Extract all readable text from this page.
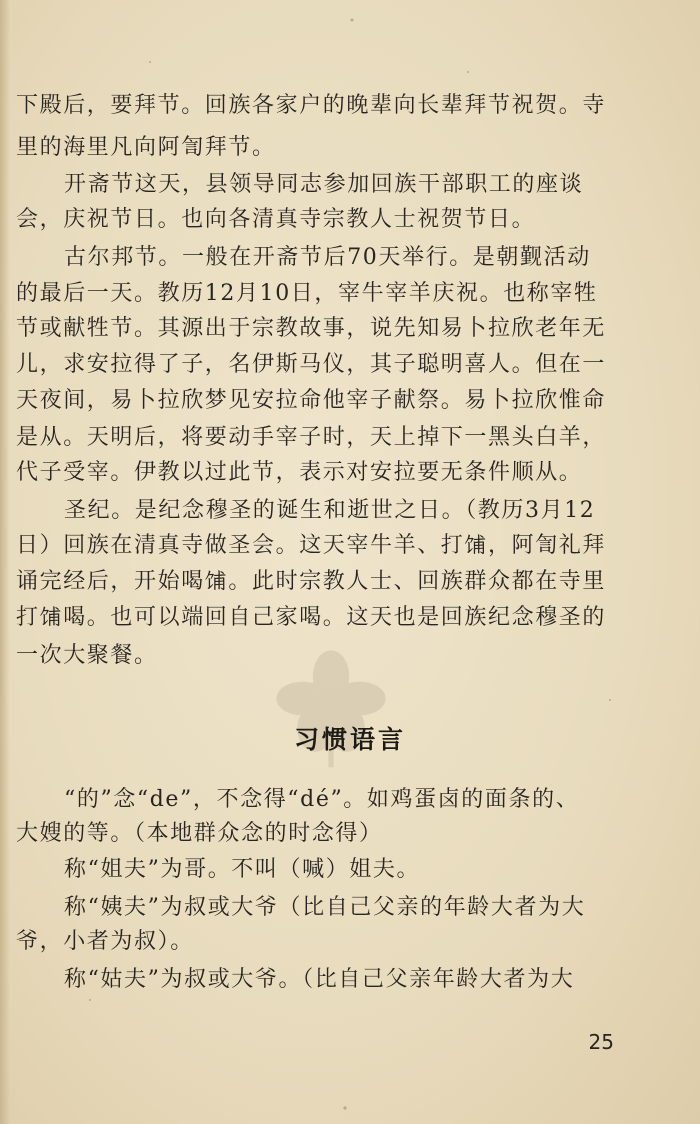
下殿后，要拜节。回族各家户的晚辈向长辈拜节祝贺。寺
里的海里凡向阿訇拜节。
开斋节这天，县领导同志参加回族干部职工的座谈
会，庆祝节日。也向各清真寺宗教人士祝贺节日。
古尔邦节。一般在开斋节后70天举行。是朝觐活动
的最后一天。教历12月10日，宰牛宰羊庆祝。也称宰牲
节或献牲节。其源出于宗教故事，说先知易卜拉欣老年无
儿，求安拉得了子，名伊斯马仪，其子聪明喜人。但在一
天夜间，易卜拉欣梦见安拉命他宰子献祭。易卜拉欣惟命
是从。天明后，将要动手宰子时，天上掉下一黑头白羊，
代子受宰。伊教以过此节，表示对安拉要无条件顺从。
圣纪。是纪念穆圣的诞生和逝世之日。（教历3月12
日）回族在清真寺做圣会。这天宰牛羊、打𫗦，阿訇礼拜
诵完经后，开始喝𫗦。此时宗教人士、回族群众都在寺里
打𫗦喝。也可以端回自己家喝。这天也是回族纪念穆圣的
一次大聚餐。
习惯语言
“的”念“de”，不念得“dé”。如鸡蛋卤的面条的、
大嫂的等。（本地群众念的时念得）
称“姐夫”为哥。不叫（喊）姐夫。
称“姨夫”为叔或大爷（比自己父亲的年龄大者为大
爷，小者为叔）。
称“姑夫”为叔或大爷。（比自己父亲年龄大者为大
25
